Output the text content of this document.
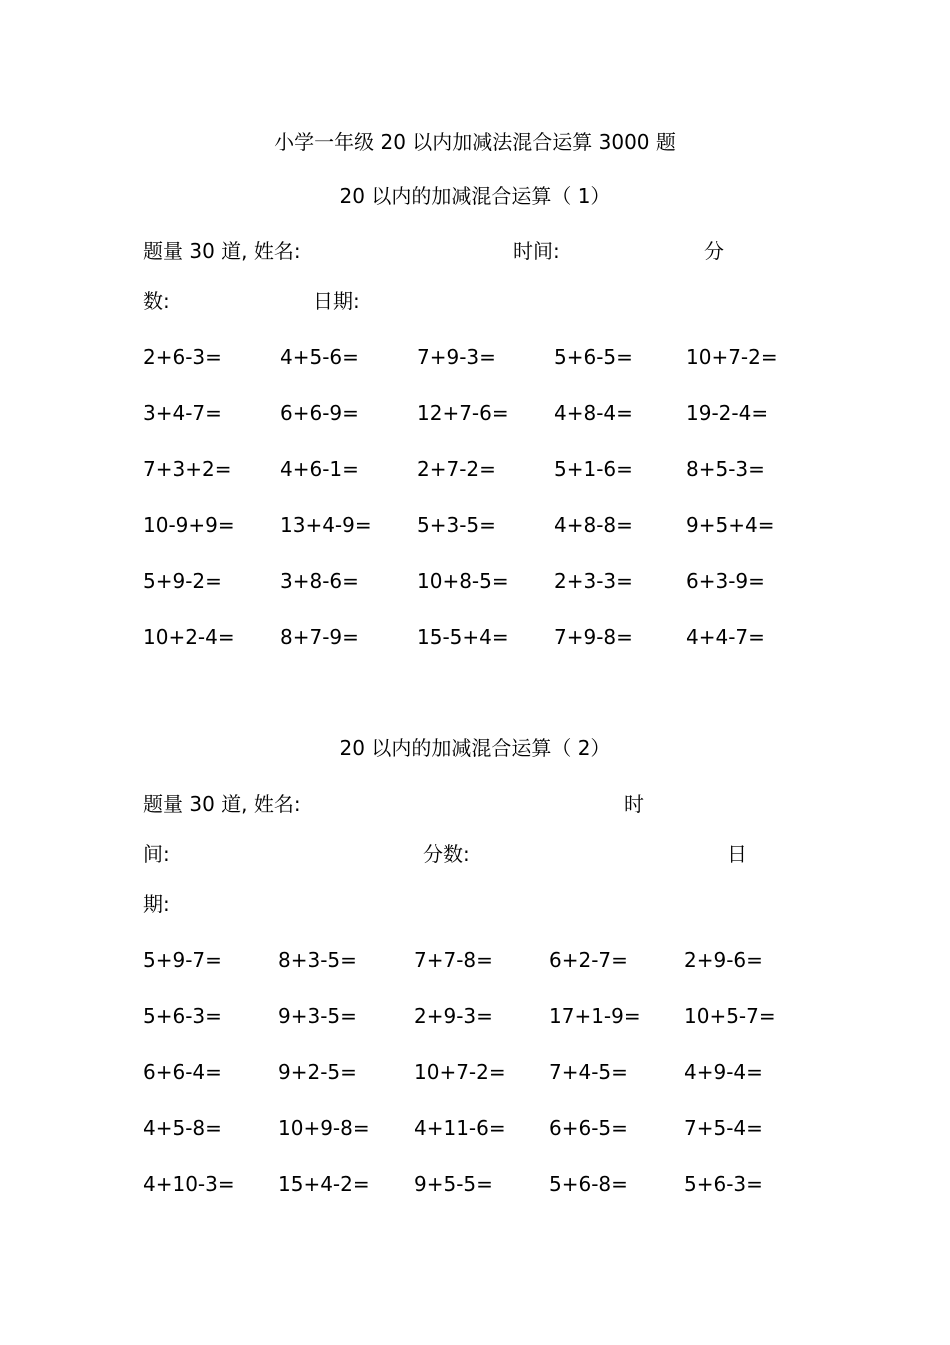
小学一年级 20 以内加减法混合运算 3000 题
20 以内的加减混合运算（ 1）
题量 30 道, 姓名:	时间:	分
数:	日期:
2+6-3=	4+5-6=	7+9-3=	5+6-5=	10+7-2=
3+4-7=	6+6-9=	12+7-6= 4+8-4=	19-2-4=
7+3+2= 4+6-1=	2+7-2=	5+1-6=	8+5-3=
10-9+9= 13+4-9= 5+3-5=	4+8-8=	9+5+4=
5+9-2=	3+8-6=	10+8-5= 2+3-3=	6+3-9=
10+2-4= 8+7-9=	15-5+4= 7+9-8=	4+4-7=
20 以内的加减混合运算（ 2）
题量 30 道, 姓名:	时
间:	分数:	日
期:
5+9-7=	8+3-5=	7+7-8=	6+2-7=	2+9-6=
5+6-3=	9+3-5=	2+9-3=	17+1-9= 10+5-7=
6+6-4=	9+2-5=	10+7-2= 7+4-5=	4+9-4=
4+5-8=	10+9-8= 4+11-6= 6+6-5=	7+5-4=
4+10-3= 15+4-2= 9+5-5=	5+6-8=	5+6-3=
